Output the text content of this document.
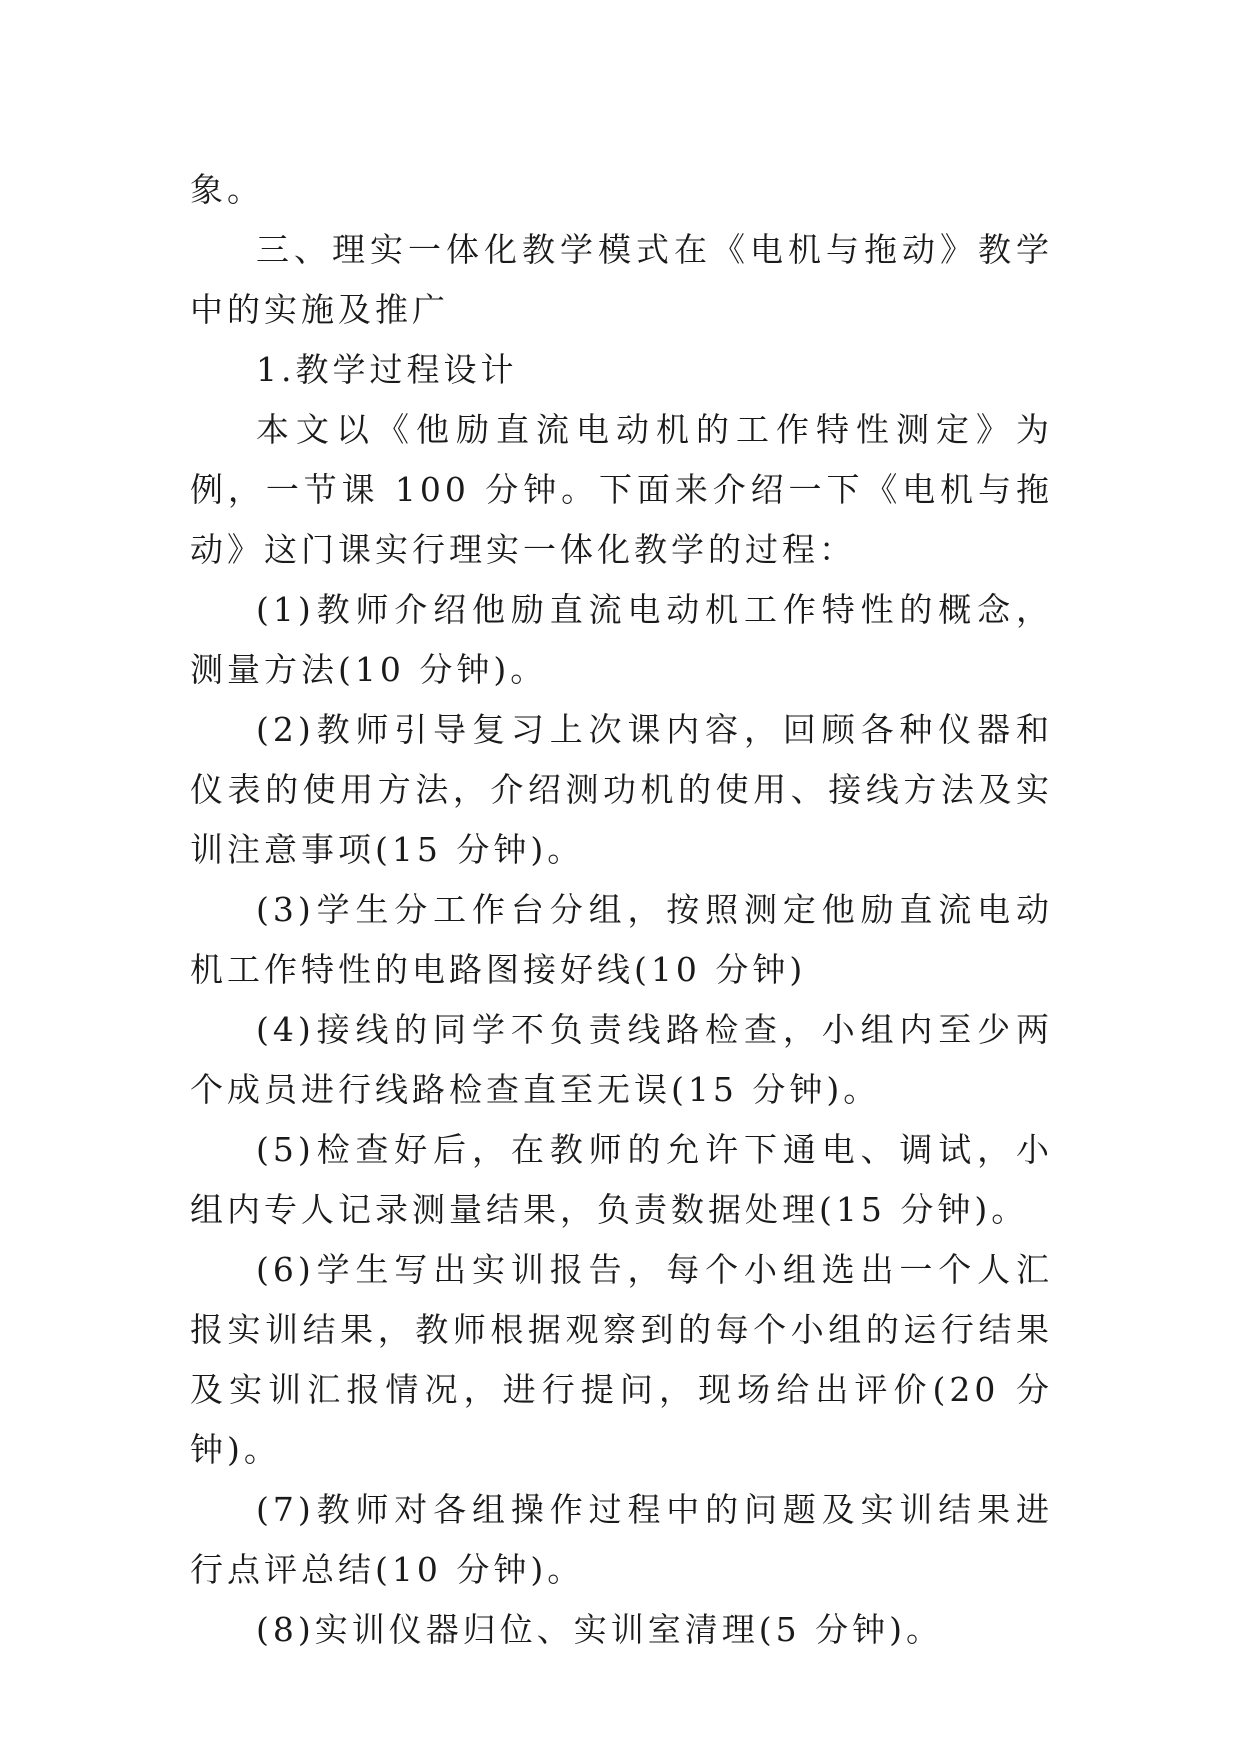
象。

三、理实一体化教学模式在《电机与拖动》教学中的实施及推广

1.教学过程设计

本文以《他励直流电动机的工作特性测定》为例，一节课 100 分钟。下面来介绍一下《电机与拖动》这门课实行理实一体化教学的过程：

(1)教师介绍他励直流电动机工作特性的概念，测量方法(10 分钟)。

(2)教师引导复习上次课内容，回顾各种仪器和仪表的使用方法，介绍测功机的使用、接线方法及实训注意事项(15 分钟)。

(3)学生分工作台分组，按照测定他励直流电动机工作特性的电路图接好线(10 分钟)

(4)接线的同学不负责线路检查，小组内至少两个成员进行线路检查直至无误(15 分钟)。

(5)检查好后，在教师的允许下通电、调试，小组内专人记录测量结果，负责数据处理(15 分钟)。

(6)学生写出实训报告，每个小组选出一个人汇报实训结果，教师根据观察到的每个小组的运行结果及实训汇报情况，进行提问，现场给出评价(20 分钟)。

(7)教师对各组操作过程中的问题及实训结果进行点评总结(10 分钟)。

(8)实训仪器归位、实训室清理(5 分钟)。
